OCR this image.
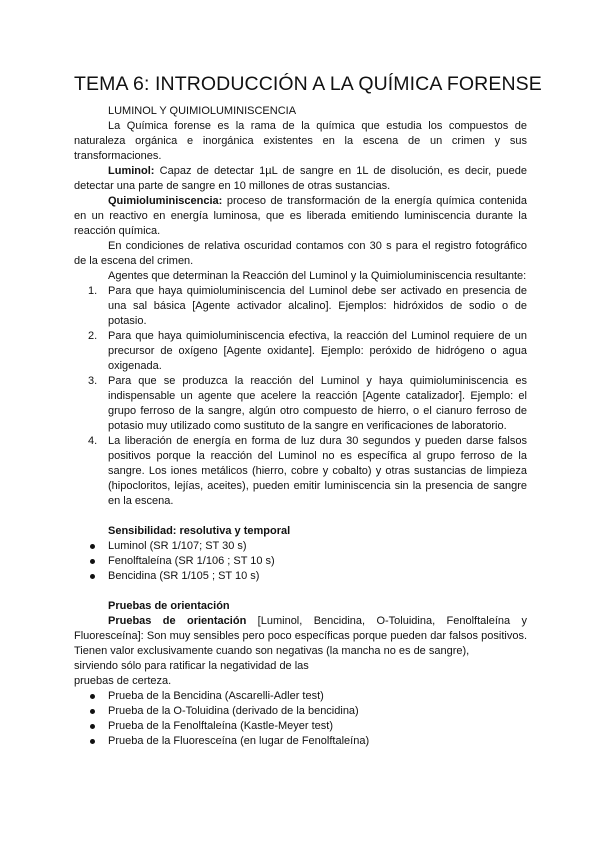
TEMA 6: INTRODUCCIÓN A LA QUÍMICA FORENSE

LUMINOL Y QUIMIOLUMINISCENCIA

La Química forense es la rama de la química que estudia los compuestos de naturaleza orgánica e inorgánica existentes en la escena de un crimen y sus transformaciones.

Luminol: Capaz de detectar 1µL de sangre en 1L de disolución, es decir, puede detectar una parte de sangre en 10 millones de otras sustancias.

Quimioluminiscencia: proceso de transformación de la energía química contenida en un reactivo en energía luminosa, que es liberada emitiendo luminiscencia durante la reacción química.

En condiciones de relativa oscuridad contamos con 30 s para el registro fotográfico de la escena del crimen.

Agentes que determinan la Reacción del Luminol y la Quimioluminiscencia resultante:

1. Para que haya quimioluminiscencia del Luminol debe ser activado en presencia de una sal básica [Agente activador alcalino]. Ejemplos: hidróxidos de sodio o de potasio.
2. Para que haya quimioluminiscencia efectiva, la reacción del Luminol requiere de un precursor de oxígeno [Agente oxidante]. Ejemplo: peróxido de hidrógeno o agua oxigenada.
3. Para que se produzca la reacción del Luminol y haya quimioluminiscencia es indispensable un agente que acelere la reacción [Agente catalizador]. Ejemplo: el grupo ferroso de la sangre, algún otro compuesto de hierro, o el cianuro ferroso de potasio muy utilizado como sustituto de la sangre en verificaciones de laboratorio.
4. La liberación de energía en forma de luz dura 30 segundos y pueden darse falsos positivos porque la reacción del Luminol no es específica al grupo ferroso de la sangre. Los iones metálicos (hierro, cobre y cobalto) y otras sustancias de limpieza (hipocloritos, lejías, aceites), pueden emitir luminiscencia sin la presencia de sangre en la escena.

Sensibilidad: resolutiva y temporal

Luminol (SR 1/107; ST 30 s)
Fenolftaleína (SR 1/106 ; ST 10 s)
Bencidina (SR 1/105 ; ST 10 s)

Pruebas de orientación

Pruebas de orientación [Luminol, Bencidina, O-Toluidina, Fenolftaleína y Fluoresceína]: Son muy sensibles pero poco específicas porque pueden dar falsos positivos. Tienen valor exclusivamente cuando son negativas (la mancha no es de sangre),

sirviendo sólo para ratificar la negatividad de las

pruebas de certeza.

Prueba de la Bencidina (Ascarelli-Adler test)
Prueba de la O-Toluidina (derivado de la bencidina)
Prueba de la Fenolftaleína (Kastle-Meyer test)
Prueba de la Fluoresceína (en lugar de Fenolftaleína)
